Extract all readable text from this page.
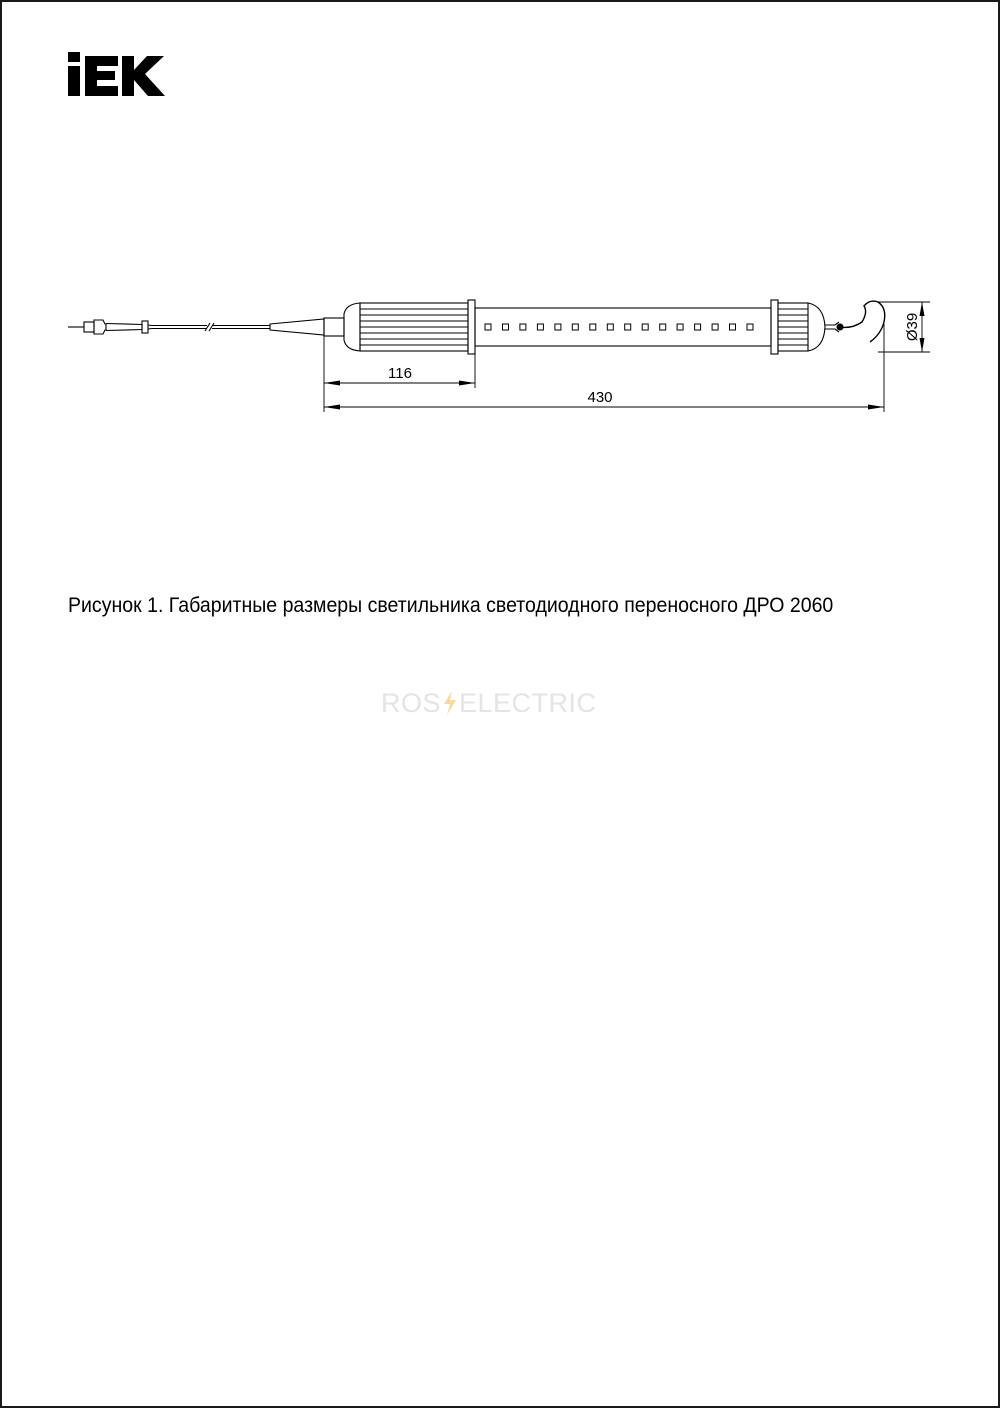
116
430
Ø39
Рисунок 1. Габаритные размеры светильника светодиодного переносного ДРО 2060
ROS ELECTRIC
